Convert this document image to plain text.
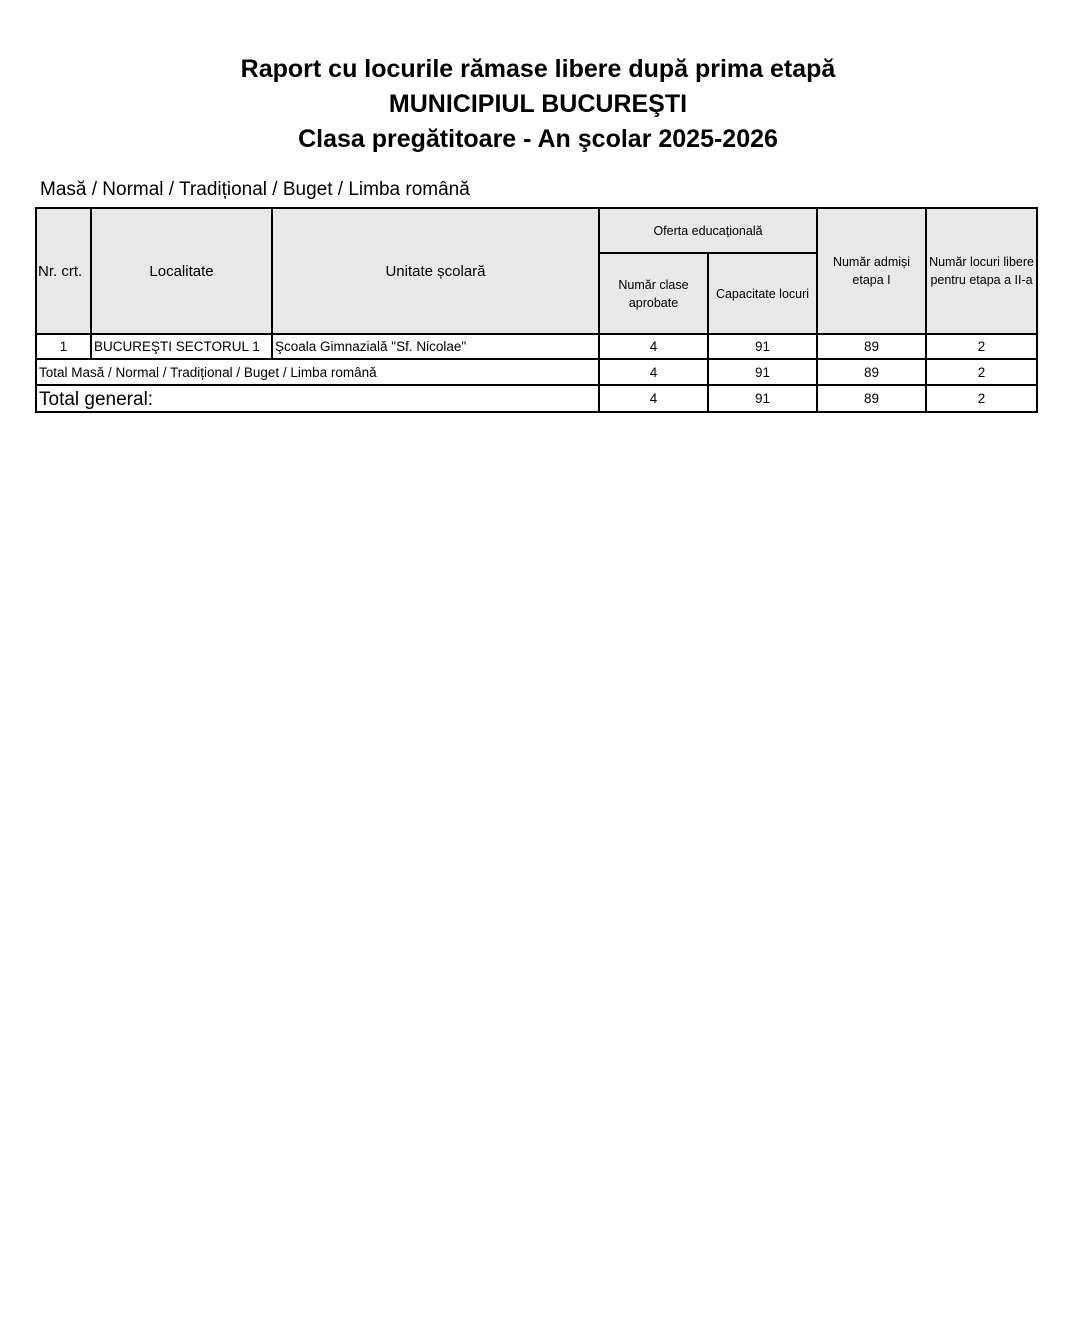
Raport cu locurile rămase libere după prima etapă
MUNICIPIUL BUCUREŞTI
Clasa pregătitoare - An şcolar 2025-2026
Masă / Normal / Tradițional / Buget / Limba română
Nr. crt.	Localitate	Unitate școlară	Oferta educațională		Număr admiși etapa I	Număr locuri libere pentru etapa a II-a
			Număr clase aprobate	Capacitate locuri		
1	BUCUREŞTI SECTORUL 1	Şcoala Gimnazială "Sf. Nicolae"	4	91	89	2
Total Masă / Normal / Tradițional / Buget / Limba română			4	91	89	2
Total general:			4	91	89	2
